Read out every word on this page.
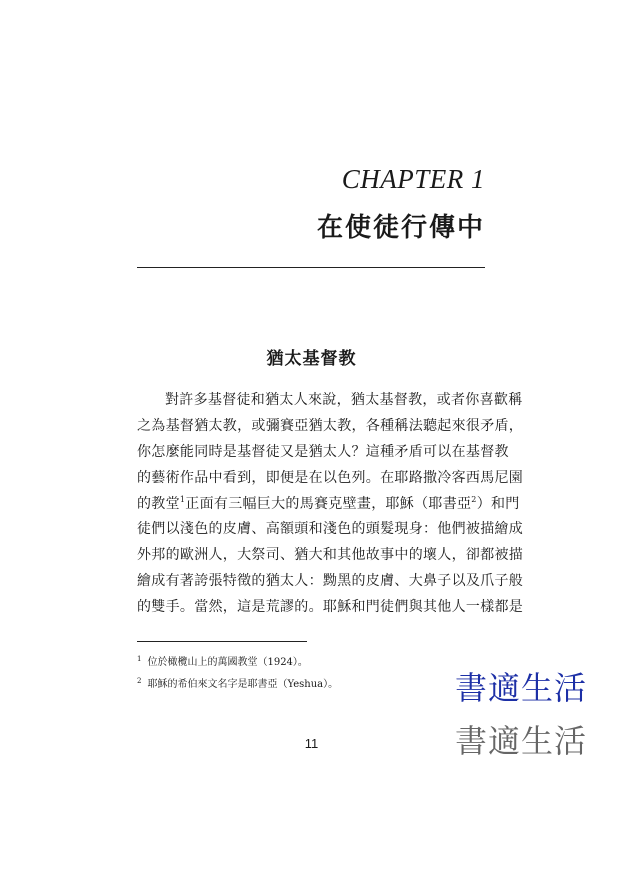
CHAPTER 1
在使徒行傳中
猶太基督教
對許多基督徒和猶太人來說，猶太基督教，或者你喜歡稱
之為基督猶太教，或彌賽亞猶太教，各種稱法聽起來很矛盾，
你怎麼能同時是基督徒又是猶太人？這種矛盾可以在基督教
的藝術作品中看到，即便是在以色列。在耶路撒冷客西馬尼園
的教堂$^1$正面有三幅巨大的馬賽克壁畫，耶穌（耶書亞$^2$）和門
徒們以淺色的皮膚、高額頭和淺色的頭髮現身：他們被描繪成
外邦的歐洲人，大祭司、猶大和其他故事中的壞人，卻都被描
繪成有著誇張特徵的猶太人：黝黑的皮膚、大鼻子以及爪子般
的雙手。當然，這是荒謬的。耶穌和門徒們與其他人一樣都是
$^1$ 位於橄欖山上的萬國教堂（1924）。
$^2$ 耶穌的希伯來文名字是耶書亞（Yeshua）。
11
書適生活
書適生活
